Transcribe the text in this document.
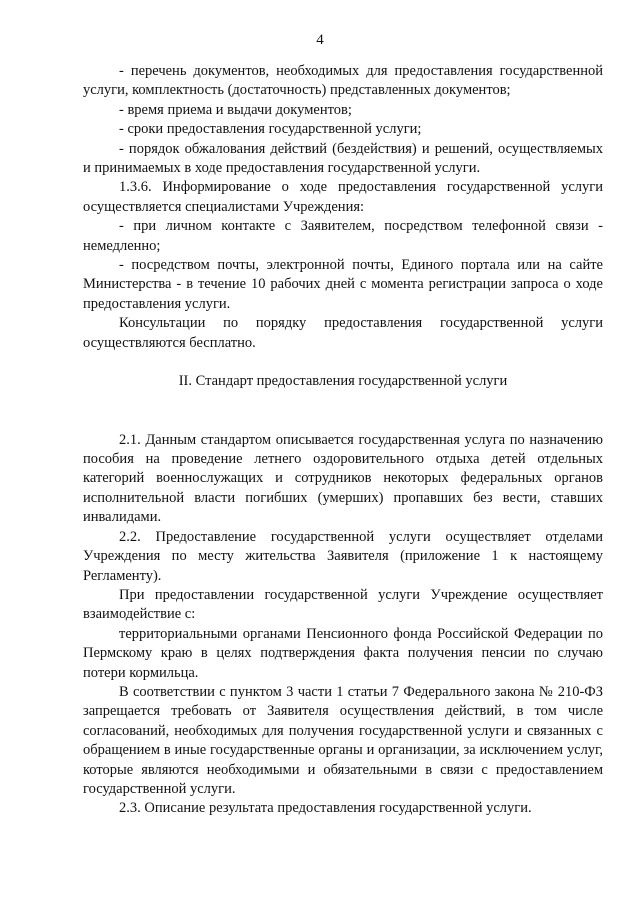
4

- перечень документов, необходимых для предоставления государственной услуги, комплектность (достаточность) представленных документов;

- время приема и выдачи документов;

- сроки предоставления государственной услуги;

- порядок обжалования действий (бездействия) и решений, осуществляемых и принимаемых в ходе предоставления государственной услуги.

1.3.6. Информирование о ходе предоставления государственной услуги осуществляется специалистами Учреждения:

- при личном контакте с Заявителем, посредством телефонной связи - немедленно;

- посредством почты, электронной почты, Единого портала или на сайте Министерства - в течение 10 рабочих дней с момента регистрации запроса о ходе предоставления услуги.

Консультации по порядку предоставления государственной услуги осуществляются бесплатно.

II. Стандарт предоставления государственной услуги

2.1. Данным стандартом описывается государственная услуга по назначению пособия на проведение летнего оздоровительного отдыха детей отдельных категорий военнослужащих и сотрудников некоторых федеральных органов исполнительной власти погибших (умерших) пропавших без вести, ставших инвалидами.

2.2. Предоставление государственной услуги осуществляет отделами Учреждения по месту жительства Заявителя (приложение 1 к настоящему Регламенту).

При предоставлении государственной услуги Учреждение осуществляет взаимодействие с:

территориальными органами Пенсионного фонда Российской Федерации по Пермскому краю в целях подтверждения факта получения пенсии по случаю потери кормильца.

В соответствии с пунктом 3 части 1 статьи 7 Федерального закона № 210-ФЗ запрещается требовать от Заявителя осуществления действий, в том числе согласований, необходимых для получения государственной услуги и связанных с обращением в иные государственные органы и организации, за исключением услуг, которые являются необходимыми и обязательными в связи с предоставлением государственной услуги.

2.3. Описание результата предоставления государственной услуги.
